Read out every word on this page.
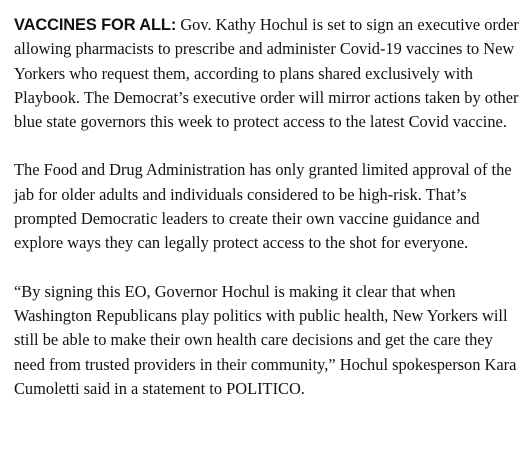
VACCINES FOR ALL: Gov. Kathy Hochul is set to sign an executive order allowing pharmacists to prescribe and administer Covid-19 vaccines to New Yorkers who request them, according to plans shared exclusively with Playbook. The Democrat’s executive order will mirror actions taken by other blue state governors this week to protect access to the latest Covid vaccine.

The Food and Drug Administration has only granted limited approval of the jab for older adults and individuals considered to be high-risk. That’s prompted Democratic leaders to create their own vaccine guidance and explore ways they can legally protect access to the shot for everyone.

“By signing this EO, Governor Hochul is making it clear that when Washington Republicans play politics with public health, New Yorkers will still be able to make their own health care decisions and get the care they need from trusted providers in their community,” Hochul spokesperson Kara Cumoletti said in a statement to POLITICO.
